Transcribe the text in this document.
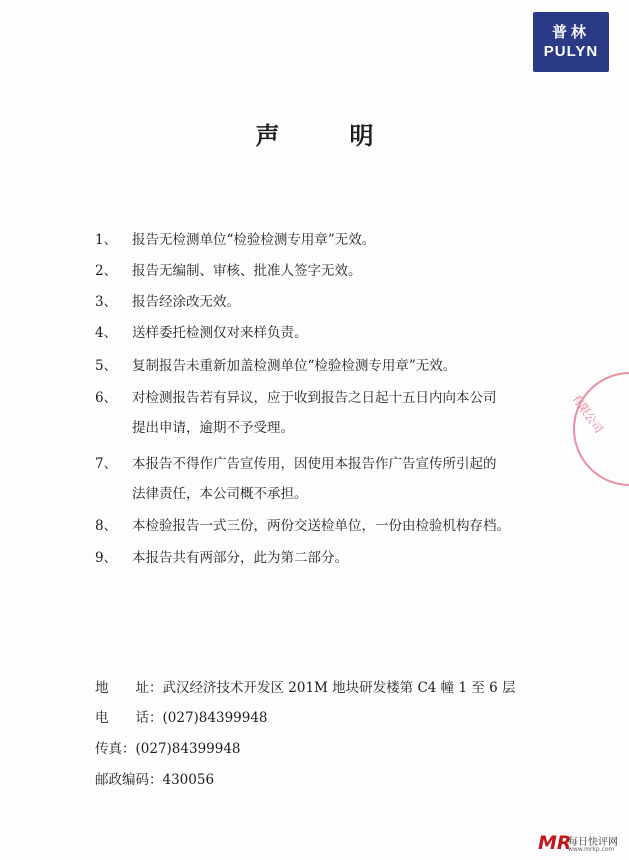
普林
PULYN
声	明
1、	报告无检测单位“检验检测专用章”无效。
2、	报告无编制、审核、批准人签字无效。
3、	报告经涂改无效。
4、	送样委托检测仅对来样负责。
5、	复制报告未重新加盖检测单位“检验检测专用章”无效。
6、	对检测报告若有异议，应于收到报告之日起十五日内向本公司
提出申请，逾期不予受理。
7、	本报告不得作广告宣传用，因使用本报告作广告宣传所引起的
法律责任，本公司概不承担。
8、	本检验报告一式三份，两份交送检单位，一份由检验机构存档。
9、	本报告共有两部分，此为第二部分。
地　　址：武汉经济技术开发区 201M 地块研发楼第 C4 幢 1 至 6 层
电　　话：(027)84399948
传真：(027)84399948
邮政编码：430056
有限公司
MR
每日快评网
www.mrkp.com
